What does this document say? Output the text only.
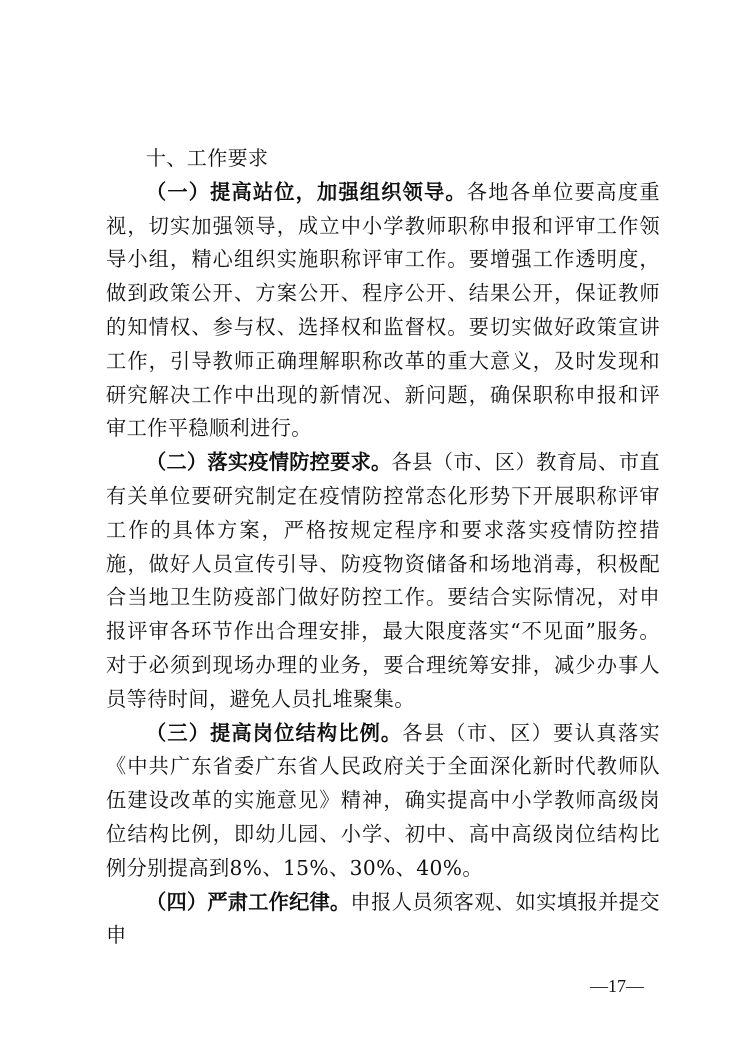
十、工作要求

（一）提高站位，加强组织领导。各地各单位要高度重视，切实加强领导，成立中小学教师职称申报和评审工作领导小组，精心组织实施职称评审工作。要增强工作透明度，做到政策公开、方案公开、程序公开、结果公开，保证教师的知情权、参与权、选择权和监督权。要切实做好政策宣讲工作，引导教师正确理解职称改革的重大意义，及时发现和研究解决工作中出现的新情况、新问题，确保职称申报和评审工作平稳顺利进行。

（二）落实疫情防控要求。各县（市、区）教育局、市直有关单位要研究制定在疫情防控常态化形势下开展职称评审工作的具体方案，严格按规定程序和要求落实疫情防控措施，做好人员宣传引导、防疫物资储备和场地消毒，积极配合当地卫生防疫部门做好防控工作。要结合实际情况，对申报评审各环节作出合理安排，最大限度落实“不见面”服务。对于必须到现场办理的业务，要合理统筹安排，减少办事人员等待时间，避免人员扎堆聚集。

（三）提高岗位结构比例。各县（市、区）要认真落实《中共广东省委广东省人民政府关于全面深化新时代教师队伍建设改革的实施意见》精神，确实提高中小学教师高级岗位结构比例，即幼儿园、小学、初中、高中高级岗位结构比例分别提高到8%、15%、30%、40%。

（四）严肃工作纪律。申报人员须客观、如实填报并提交申

—17—
